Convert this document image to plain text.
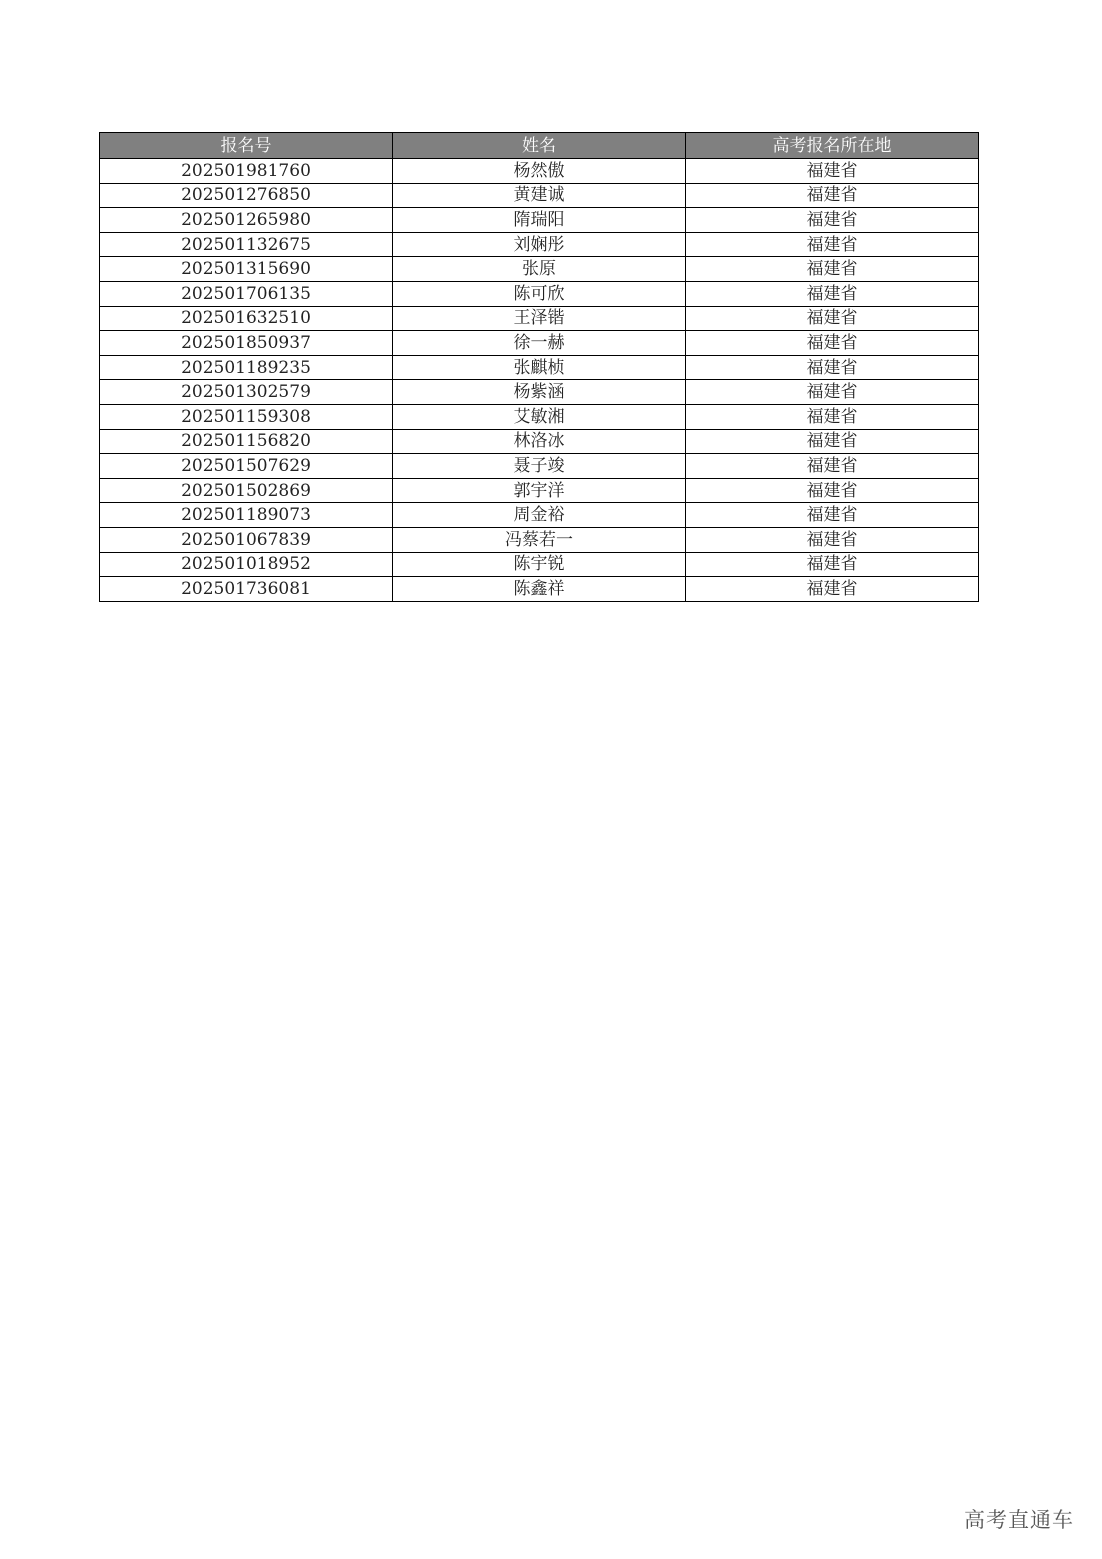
报名号	姓名	高考报名所在地
202501981760	杨然傲	福建省
202501276850	黄建诚	福建省
202501265980	隋瑞阳	福建省
202501132675	刘娴彤	福建省
202501315690	张原	福建省
202501706135	陈可欣	福建省
202501632510	王泽锴	福建省
202501850937	徐一赫	福建省
202501189235	张麒桢	福建省
202501302579	杨紫涵	福建省
202501159308	艾敏湘	福建省
202501156820	林洛冰	福建省
202501507629	聂子竣	福建省
202501502869	郭宇洋	福建省
202501189073	周金裕	福建省
202501067839	冯蔡若一	福建省
202501018952	陈宇锐	福建省
202501736081	陈鑫祥	福建省
高考直通车
